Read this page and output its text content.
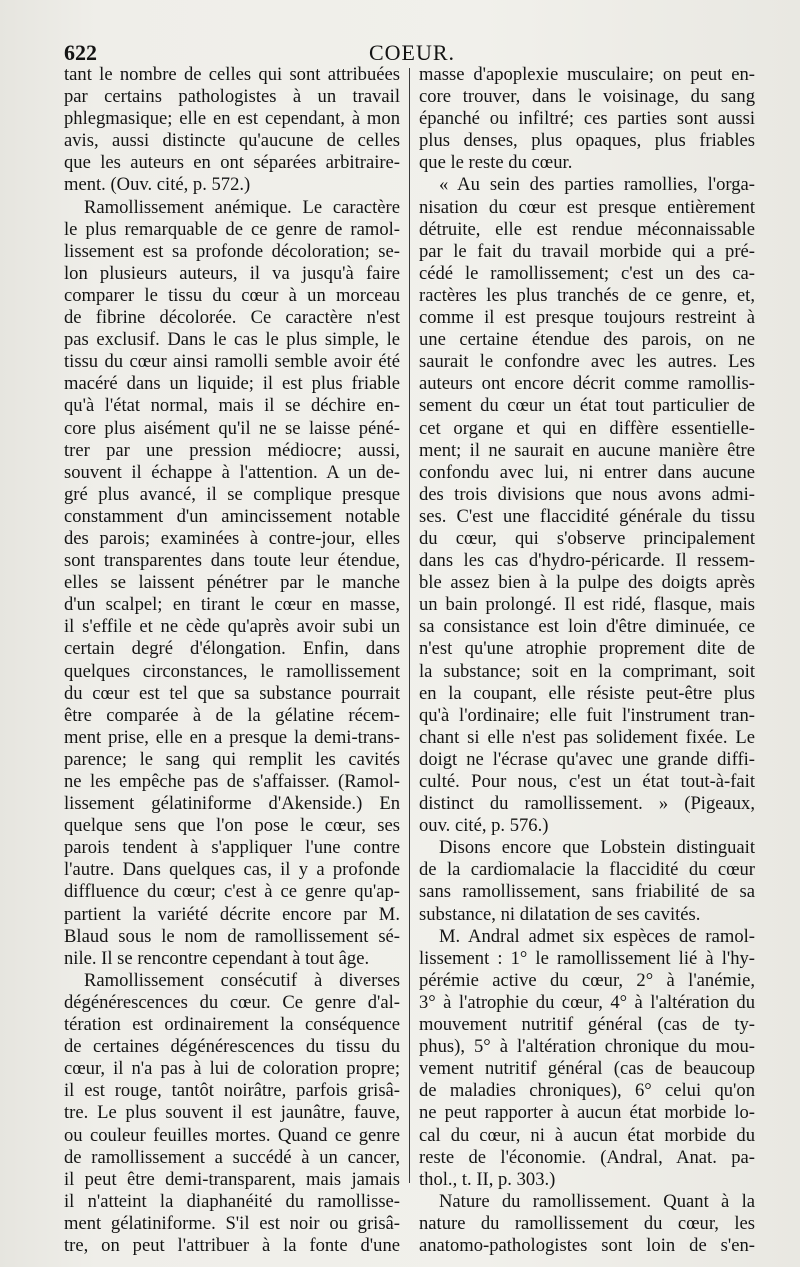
622	COEUR.
tant le nombre de celles qui sont attribuées
par certains pathologistes à un travail
phlegmasique; elle en est cependant, à mon
avis, aussi distincte qu'aucune de celles
que les auteurs en ont séparées arbitraire-
ment. (Ouv. cité, p. 572.)
Ramollissement anémique. Le caractère
le plus remarquable de ce genre de ramol-
lissement est sa profonde décoloration; se-
lon plusieurs auteurs, il va jusqu'à faire
comparer le tissu du cœur à un morceau
de fibrine décolorée. Ce caractère n'est
pas exclusif. Dans le cas le plus simple, le
tissu du cœur ainsi ramolli semble avoir été
macéré dans un liquide; il est plus friable
qu'à l'état normal, mais il se déchire en-
core plus aisément qu'il ne se laisse péné-
trer par une pression médiocre; aussi,
souvent il échappe à l'attention. A un de-
gré plus avancé, il se complique presque
constamment d'un amincissement notable
des parois; examinées à contre-jour, elles
sont transparentes dans toute leur étendue,
elles se laissent pénétrer par le manche
d'un scalpel; en tirant le cœur en masse,
il s'effile et ne cède qu'après avoir subi un
certain degré d'élongation. Enfin, dans
quelques circonstances, le ramollissement
du cœur est tel que sa substance pourrait
être comparée à de la gélatine récem-
ment prise, elle en a presque la demi-trans-
parence; le sang qui remplit les cavités
ne les empêche pas de s'affaisser. (Ramol-
lissement gélatiniforme d'Akenside.) En
quelque sens que l'on pose le cœur, ses
parois tendent à s'appliquer l'une contre
l'autre. Dans quelques cas, il y a profonde
diffluence du cœur; c'est à ce genre qu'ap-
partient la variété décrite encore par M.
Blaud sous le nom de ramollissement sé-
nile. Il se rencontre cependant à tout âge.
Ramollissement consécutif à diverses
dégénérescences du cœur. Ce genre d'al-
tération est ordinairement la conséquence
de certaines dégénérescences du tissu du
cœur, il n'a pas à lui de coloration propre;
il est rouge, tantôt noirâtre, parfois grisâ-
tre. Le plus souvent il est jaunâtre, fauve,
ou couleur feuilles mortes. Quand ce genre
de ramollissement a succédé à un cancer,
il peut être demi-transparent, mais jamais
il n'atteint la diaphanéité du ramollisse-
ment gélatiniforme. S'il est noir ou grisâ-
tre, on peut l'attribuer à la fonte d'une
masse d'apoplexie musculaire; on peut en-
core trouver, dans le voisinage, du sang
épanché ou infiltré; ces parties sont aussi
plus denses, plus opaques, plus friables
que le reste du cœur.
« Au sein des parties ramollies, l'orga-
nisation du cœur est presque entièrement
détruite, elle est rendue méconnaissable
par le fait du travail morbide qui a pré-
cédé le ramollissement; c'est un des ca-
ractères les plus tranchés de ce genre, et,
comme il est presque toujours restreint à
une certaine étendue des parois, on ne
saurait le confondre avec les autres. Les
auteurs ont encore décrit comme ramollis-
sement du cœur un état tout particulier de
cet organe et qui en diffère essentielle-
ment; il ne saurait en aucune manière être
confondu avec lui, ni entrer dans aucune
des trois divisions que nous avons admi-
ses. C'est une flaccidité générale du tissu
du cœur, qui s'observe principalement
dans les cas d'hydro-péricarde. Il ressem-
ble assez bien à la pulpe des doigts après
un bain prolongé. Il est ridé, flasque, mais
sa consistance est loin d'être diminuée, ce
n'est qu'une atrophie proprement dite de
la substance; soit en la comprimant, soit
en la coupant, elle résiste peut-être plus
qu'à l'ordinaire; elle fuit l'instrument tran-
chant si elle n'est pas solidement fixée. Le
doigt ne l'écrase qu'avec une grande diffi-
culté. Pour nous, c'est un état tout-à-fait
distinct du ramollissement. » (Pigeaux,
ouv. cité, p. 576.)
Disons encore que Lobstein distinguait
de la cardiomalacie la flaccidité du cœur
sans ramollissement, sans friabilité de sa
substance, ni dilatation de ses cavités.
M. Andral admet six espèces de ramol-
lissement : 1° le ramollissement lié à l'hy-
pérémie active du cœur, 2° à l'anémie,
3° à l'atrophie du cœur, 4° à l'altération du
mouvement nutritif général (cas de ty-
phus), 5° à l'altération chronique du mou-
vement nutritif général (cas de beaucoup
de maladies chroniques), 6° celui qu'on
ne peut rapporter à aucun état morbide lo-
cal du cœur, ni à aucun état morbide du
reste de l'économie. (Andral, Anat. pa-
thol., t. II, p. 303.)
Nature du ramollissement. Quant à la
nature du ramollissement du cœur, les
anatomo-pathologistes sont loin de s'en-
